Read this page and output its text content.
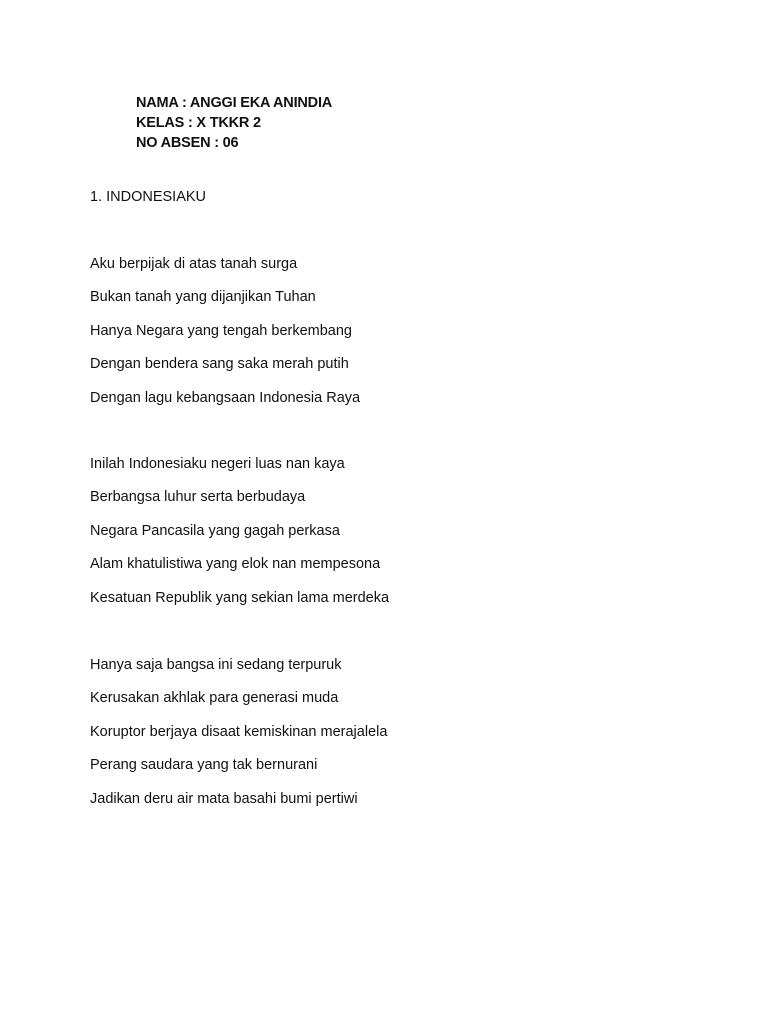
NAMA : ANGGI EKA ANINDIA
KELAS : X TKKR 2
NO ABSEN : 06
1. INDONESIAKU
Aku berpijak di atas tanah surga
Bukan tanah yang dijanjikan Tuhan
Hanya Negara yang tengah berkembang
Dengan bendera sang saka merah putih
Dengan lagu kebangsaan Indonesia Raya
Inilah Indonesiaku negeri luas nan kaya
Berbangsa luhur serta berbudaya
Negara Pancasila yang gagah perkasa
Alam khatulistiwa yang elok nan mempesona
Kesatuan Republik yang sekian lama merdeka
Hanya saja bangsa ini sedang terpuruk
Kerusakan akhlak para generasi muda
Koruptor berjaya disaat kemiskinan merajalela
Perang saudara yang tak bernurani
Jadikan deru air mata basahi bumi pertiwi
